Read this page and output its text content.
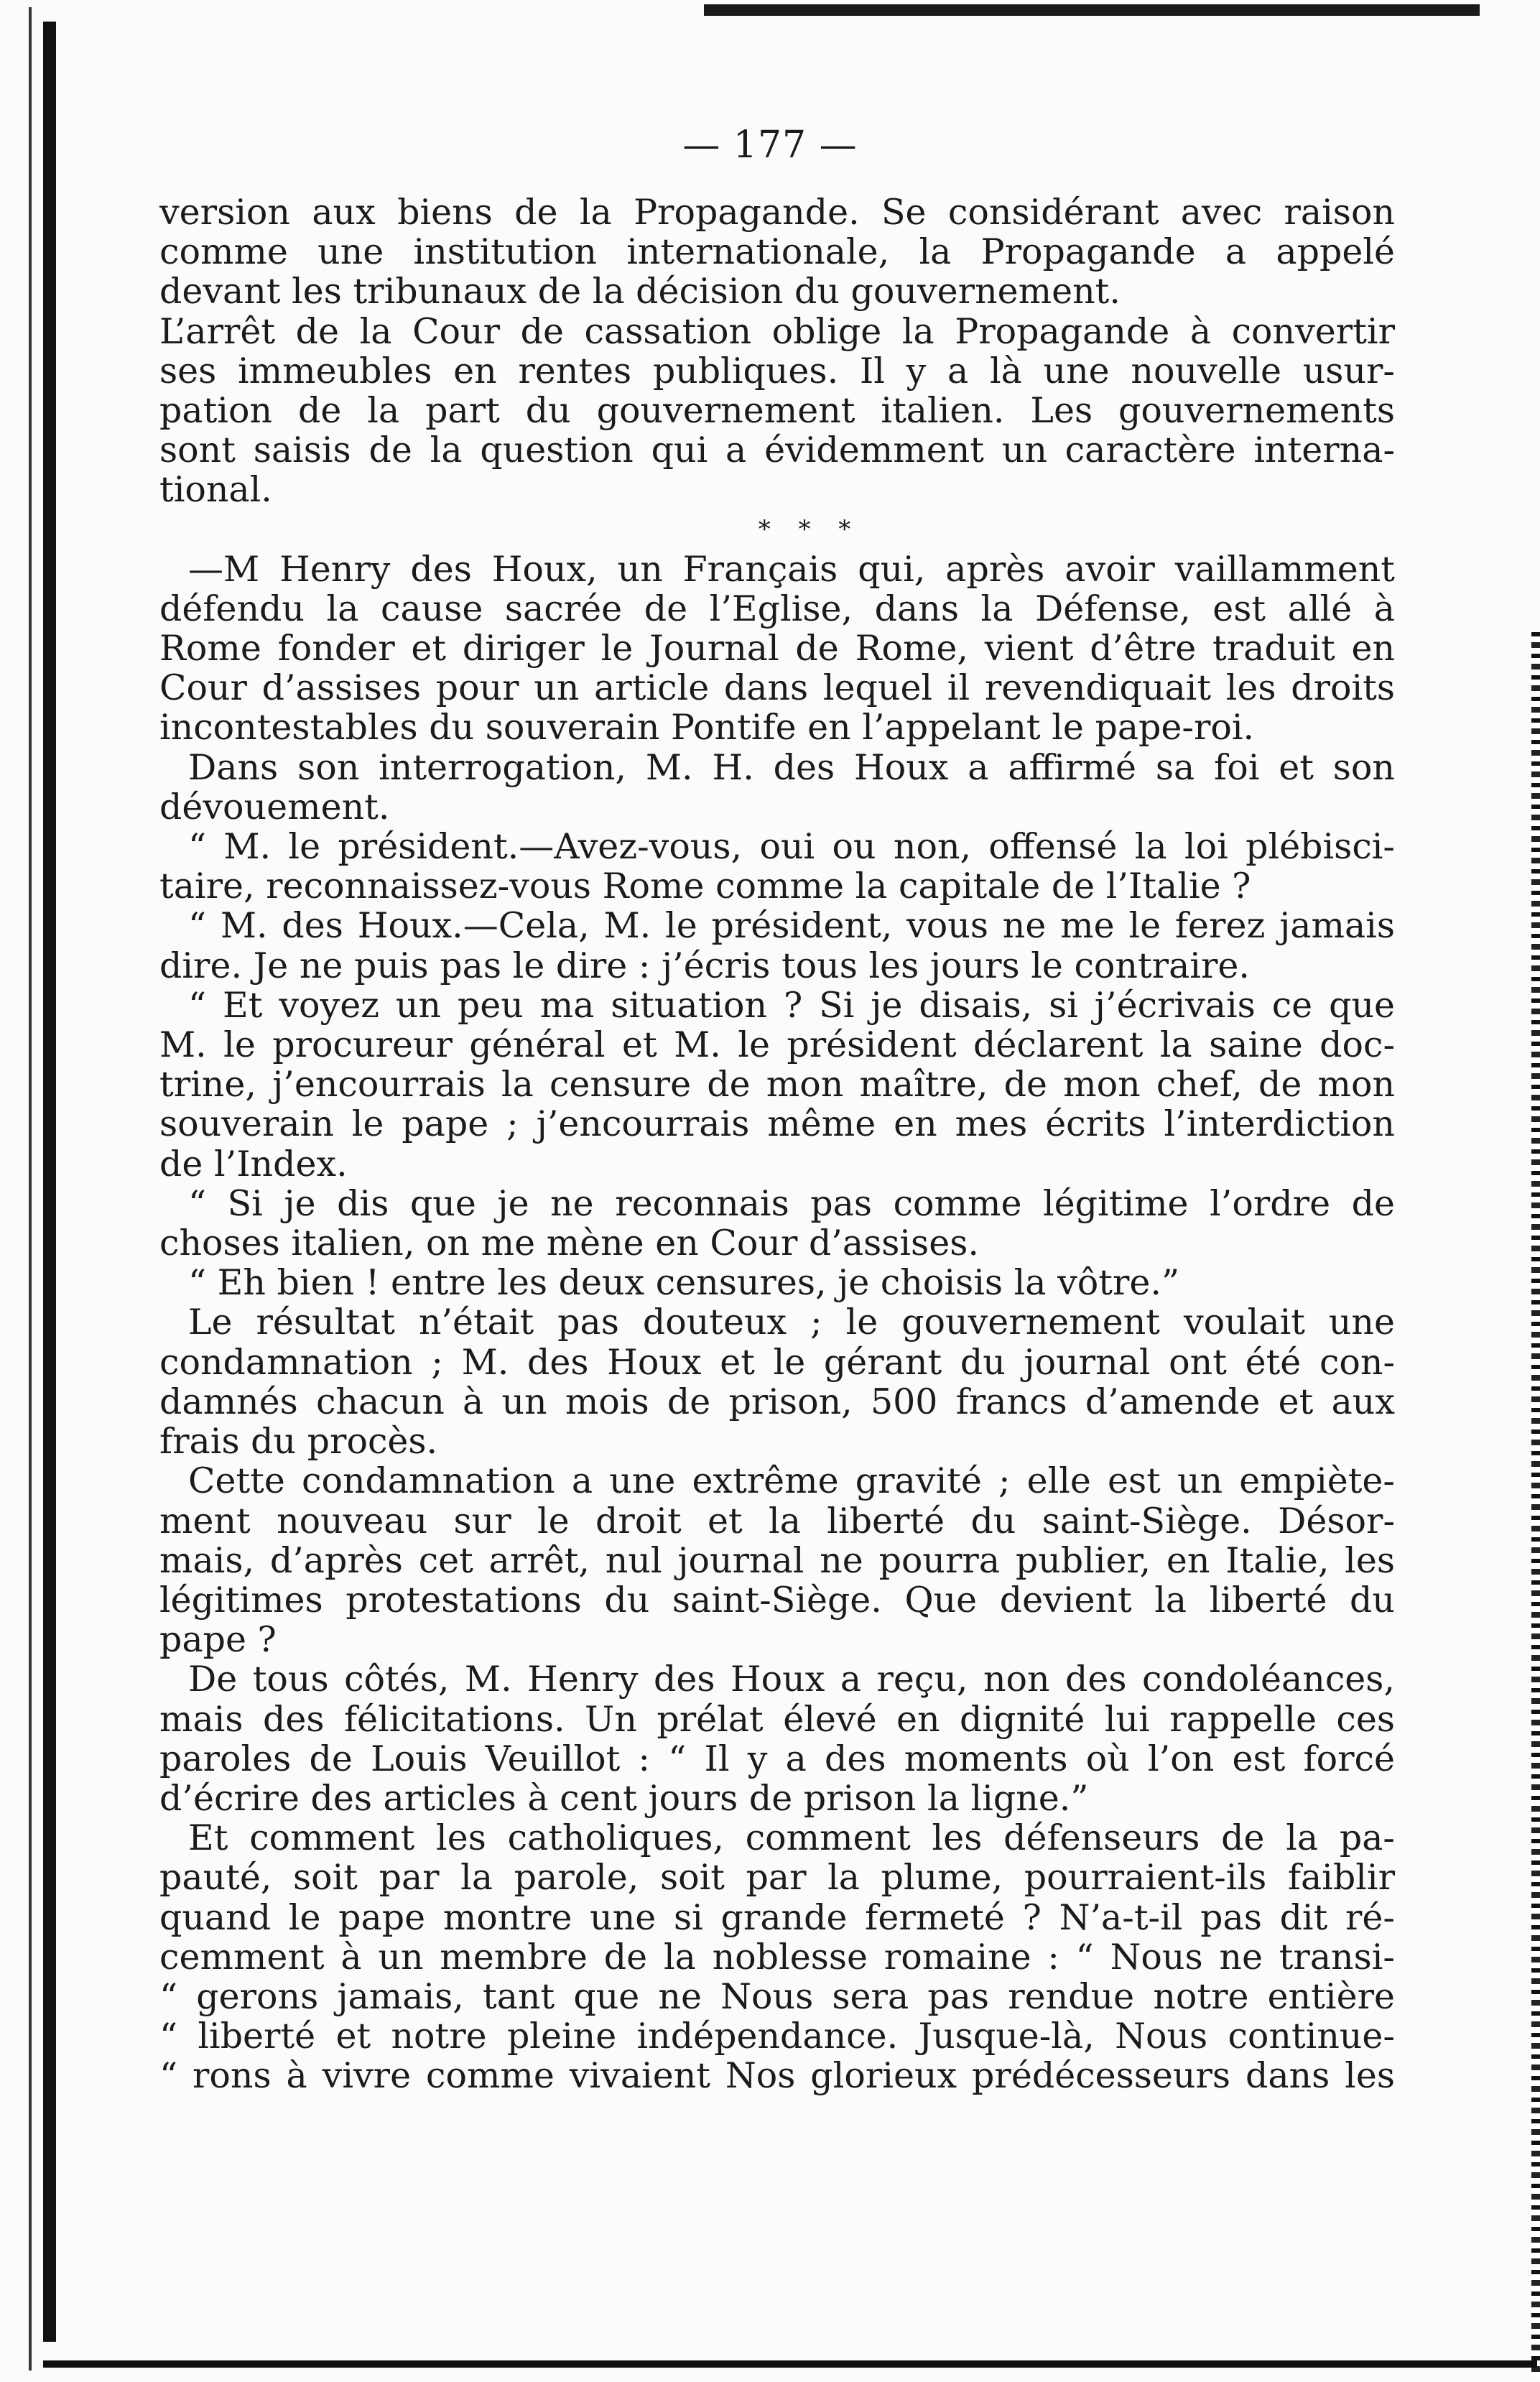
— 177 —
version aux biens de la Propagande. Se considérant avec raison
comme une institution internationale, la Propagande a appelé
devant les tribunaux de la décision du gouvernement.
L’arrêt de la Cour de cassation oblige la Propagande à convertir
ses immeubles en rentes publiques. Il y a là une nouvelle usur-
pation de la part du gouvernement italien. Les gouvernements
sont saisis de la question qui a évidemment un caractère interna-
tional.
* * *
—M Henry des Houx, un Français qui, après avoir vaillamment
défendu la cause sacrée de l’Eglise, dans la Défense, est allé à
Rome fonder et diriger le Journal de Rome, vient d’être traduit en
Cour d’assises pour un article dans lequel il revendiquait les droits
incontestables du souverain Pontife en l’appelant le pape-roi.
Dans son interrogation, M. H. des Houx a affirmé sa foi et son
dévouement.
“ M. le président.—Avez-vous, oui ou non, offensé la loi plébisci-
taire, reconnaissez-vous Rome comme la capitale de l’Italie ?
“ M. des Houx.—Cela, M. le président, vous ne me le ferez jamais
dire. Je ne puis pas le dire : j’écris tous les jours le contraire.
“ Et voyez un peu ma situation ? Si je disais, si j’écrivais ce que
M. le procureur général et M. le président déclarent la saine doc-
trine, j’encourrais la censure de mon maître, de mon chef, de mon
souverain le pape ; j’encourrais même en mes écrits l’interdiction
de l’Index.
“ Si je dis que je ne reconnais pas comme légitime l’ordre de
choses italien, on me mène en Cour d’assises.
“ Eh bien ! entre les deux censures, je choisis la vôtre.”
Le résultat n’était pas douteux ; le gouvernement voulait une
condamnation ; M. des Houx et le gérant du journal ont été con-
damnés chacun à un mois de prison, 500 francs d’amende et aux
frais du procès.
Cette condamnation a une extrême gravité ; elle est un empiète-
ment nouveau sur le droit et la liberté du saint-Siège. Désor-
mais, d’après cet arrêt, nul journal ne pourra publier, en Italie, les
légitimes protestations du saint-Siège. Que devient la liberté du
pape ?
De tous côtés, M. Henry des Houx a reçu, non des condoléances,
mais des félicitations. Un prélat élevé en dignité lui rappelle ces
paroles de Louis Veuillot : “ Il y a des moments où l’on est forcé
d’écrire des articles à cent jours de prison la ligne.”
Et comment les catholiques, comment les défenseurs de la pa-
pauté, soit par la parole, soit par la plume, pourraient-ils faiblir
quand le pape montre une si grande fermeté ? N’a-t-il pas dit ré-
cemment à un membre de la noblesse romaine : “ Nous ne transi-
“ gerons jamais, tant que ne Nous sera pas rendue notre entière
“ liberté et notre pleine indépendance. Jusque-là, Nous continue-
“ rons à vivre comme vivaient Nos glorieux prédécesseurs dans les
